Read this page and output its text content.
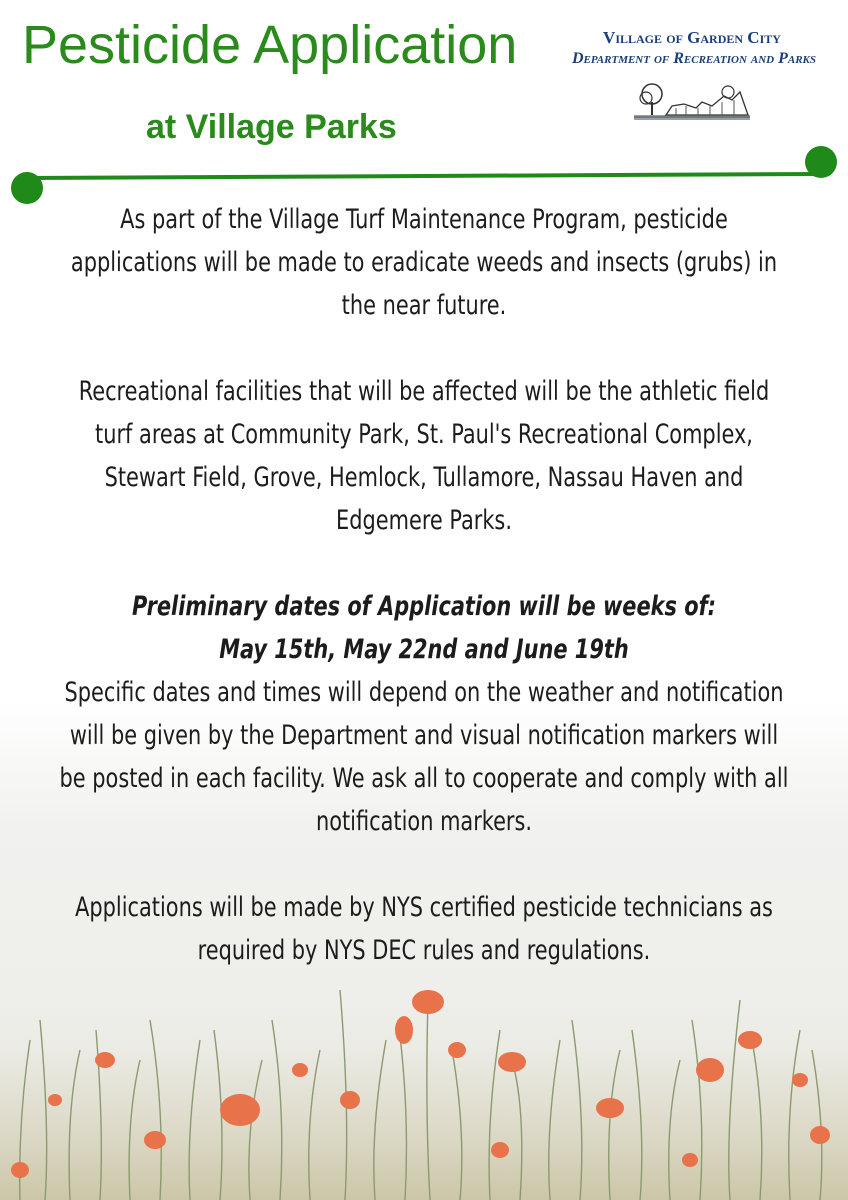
Pesticide Application
at Village Parks
Village of Garden City
Department of Recreation and Parks

As part of the Village Turf Maintenance Program, pesticide applications will be made to eradicate weeds and insects (grubs) in the near future.

Recreational facilities that will be affected will be the athletic field turf areas at Community Park, St. Paul's Recreational Complex, Stewart Field, Grove, Hemlock, Tullamore, Nassau Haven and Edgemere Parks.

Preliminary dates of Application will be weeks of:

May 15th, May 22nd and June 19th

Specific dates and times will depend on the weather and notification will be given by the Department and visual notification markers will be posted in each facility. We ask all to cooperate and comply with all notification markers.

Applications will be made by NYS certified pesticide technicians as required by NYS DEC rules and regulations.
